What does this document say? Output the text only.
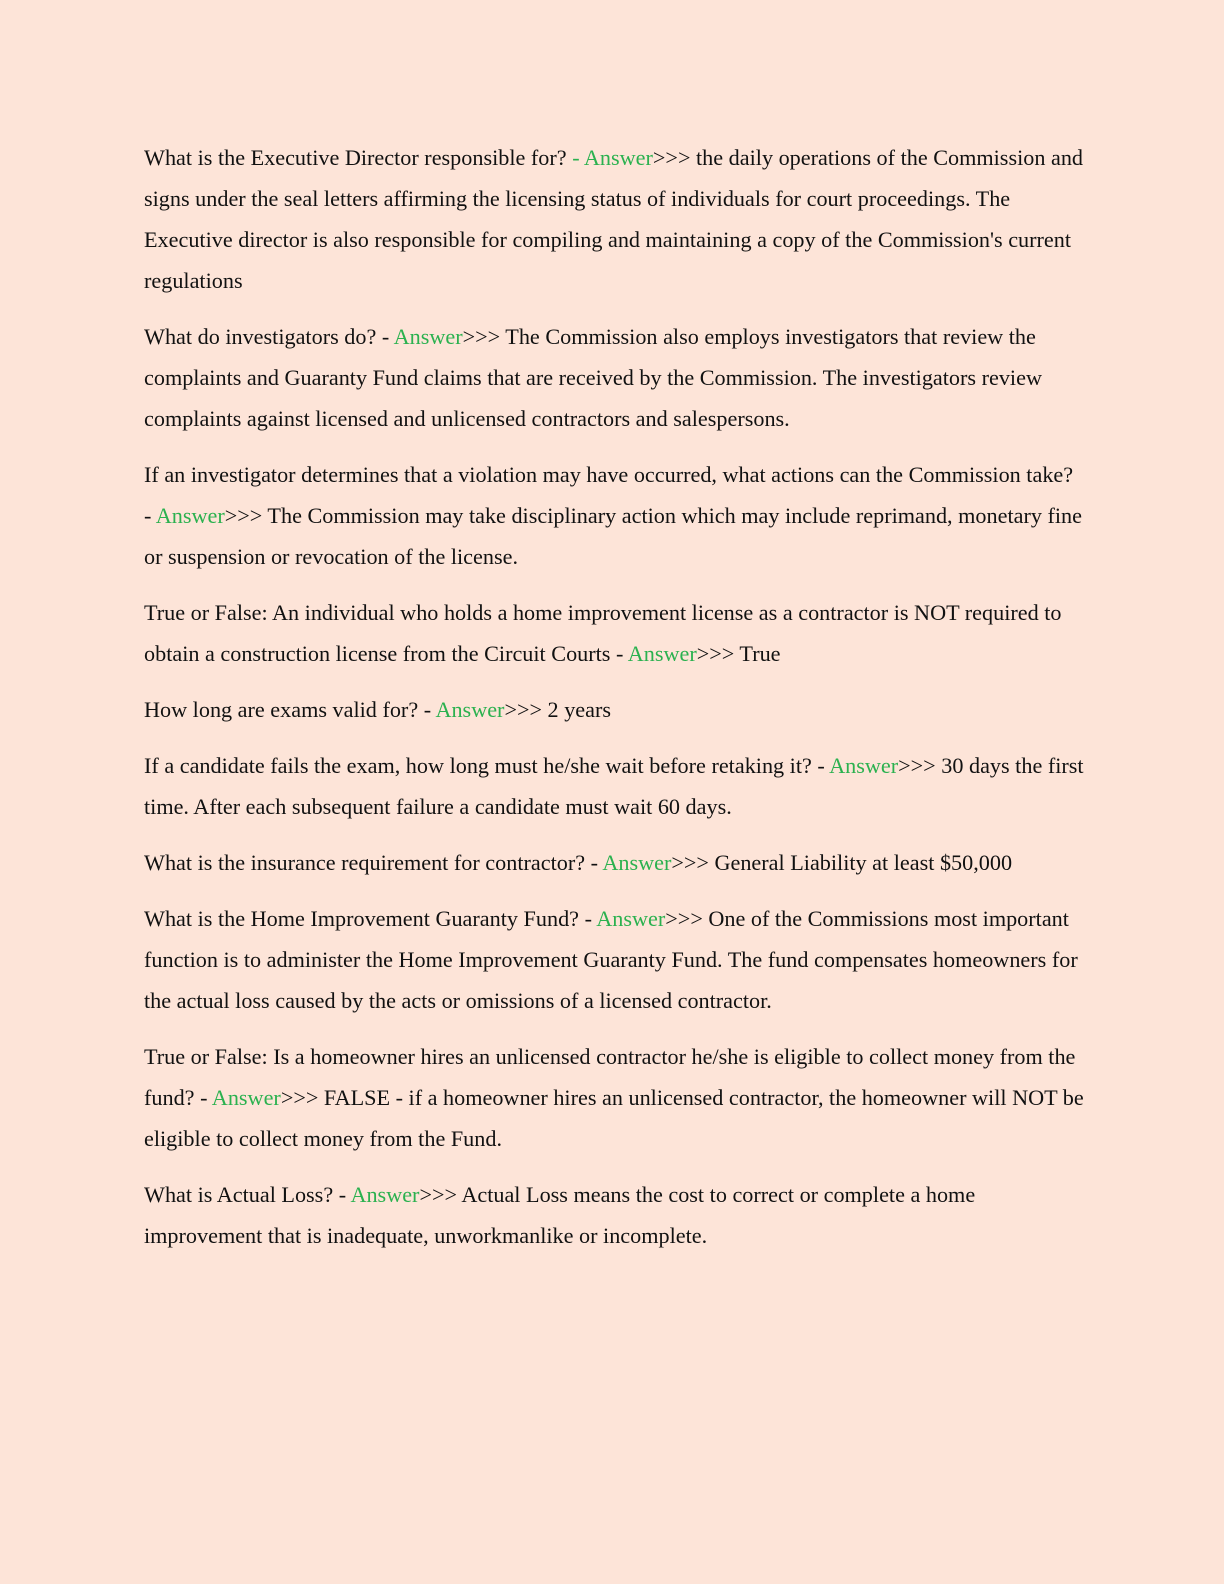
What is the Executive Director responsible for? - Answer>>> the daily operations of the Commission and signs under the seal letters affirming the licensing status of individuals for court proceedings. The Executive director is also responsible for compiling and maintaining a copy of the Commission's current regulations

What do investigators do? - Answer>>> The Commission also employs investigators that review the complaints and Guaranty Fund claims that are received by the Commission. The investigators review complaints against licensed and unlicensed contractors and salespersons.

If an investigator determines that a violation may have occurred, what actions can the Commission take? - Answer>>> The Commission may take disciplinary action which may include reprimand, monetary fine or suspension or revocation of the license.

True or False: An individual who holds a home improvement license as a contractor is NOT required to obtain a construction license from the Circuit Courts - Answer>>> True

How long are exams valid for? - Answer>>> 2 years

If a candidate fails the exam, how long must he/she wait before retaking it? - Answer>>> 30 days the first time. After each subsequent failure a candidate must wait 60 days.

What is the insurance requirement for contractor? - Answer>>> General Liability at least $50,000

What is the Home Improvement Guaranty Fund? - Answer>>> One of the Commissions most important function is to administer the Home Improvement Guaranty Fund. The fund compensates homeowners for the actual loss caused by the acts or omissions of a licensed contractor.

True or False: Is a homeowner hires an unlicensed contractor he/she is eligible to collect money from the fund? - Answer>>> FALSE - if a homeowner hires an unlicensed contractor, the homeowner will NOT be eligible to collect money from the Fund.

What is Actual Loss? - Answer>>> Actual Loss means the cost to correct or complete a home improvement that is inadequate, unworkmanlike or incomplete.
